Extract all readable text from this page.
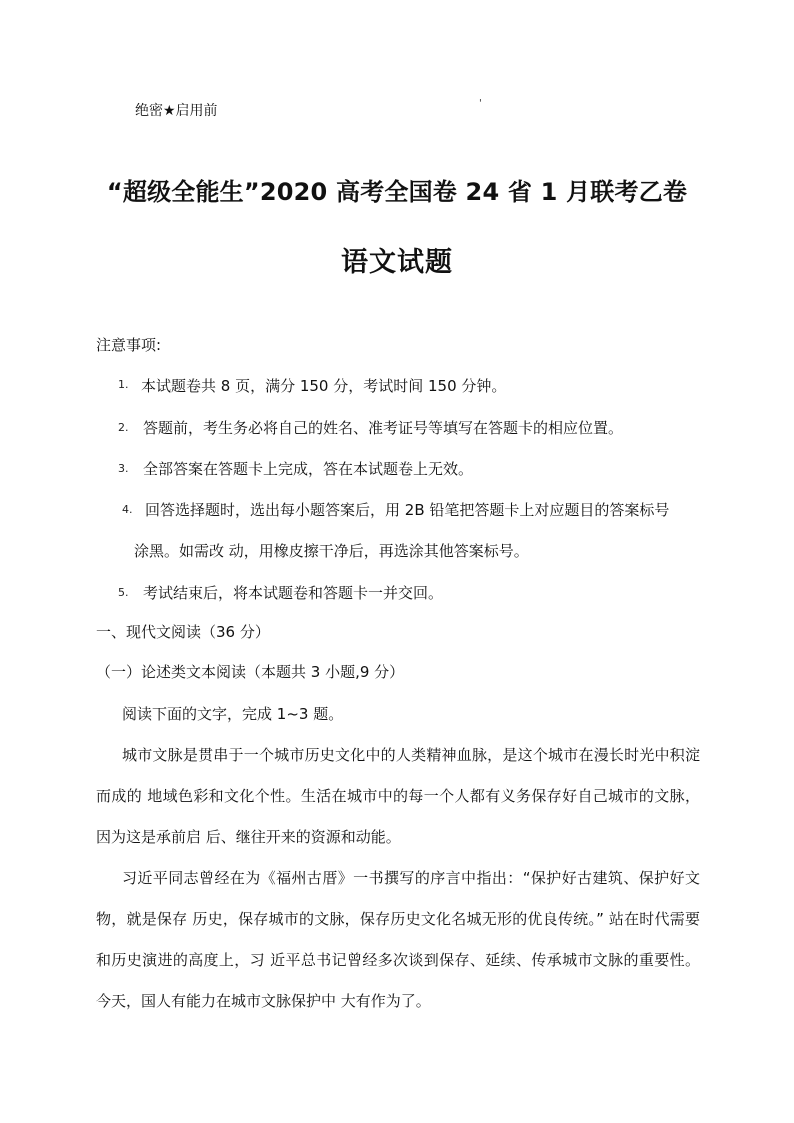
绝密★启用前	'
“超级全能生”2020 高考全国卷 24 省 1 月联考乙卷
语文试题
注意事项:
1. 本试题卷共 8 页，满分 150 分，考试时间 150 分钟。
2. 答题前，考生务必将自己的姓名、准考证号等填写在答题卡的相应位置。
3. 全部答案在答题卡上完成，答在本试题卷上无效。
4. 回答选择题时，选出每小题答案后，用 2B 铅笔把答题卡上对应题目的答案标号
涂黑。如需改 动，用橡皮擦干净后，再选涂其他答案标号。
5. 考试结束后，将本试题卷和答题卡一并交回。
一、现代文阅读（36 分）
（一）论述类文本阅读（本题共 3 小题,9 分）
阅读下面的文字，完成 1~3 题。
城市文脉是贯串于一个城市历史文化中的人类精神血脉，是这个城市在漫长时光中积淀而成的 地域色彩和文化个性。生活在城市中的每一个人都有义务保存好自己城市的文脉，因为这是承前启 后、继往开来的资源和动能。
习近平同志曾经在为《福州古厝》一书撰写的序言中指出：“保护好古建筑、保护好文物，就是保存 历史，保存城市的文脉，保存历史文化名城无形的优良传统。” 站在时代需要和历史演进的高度上，习 近平总书记曾经多次谈到保存、延续、传承城市文脉的重要性。今天，国人有能力在城市文脉保护中 大有作为了。
